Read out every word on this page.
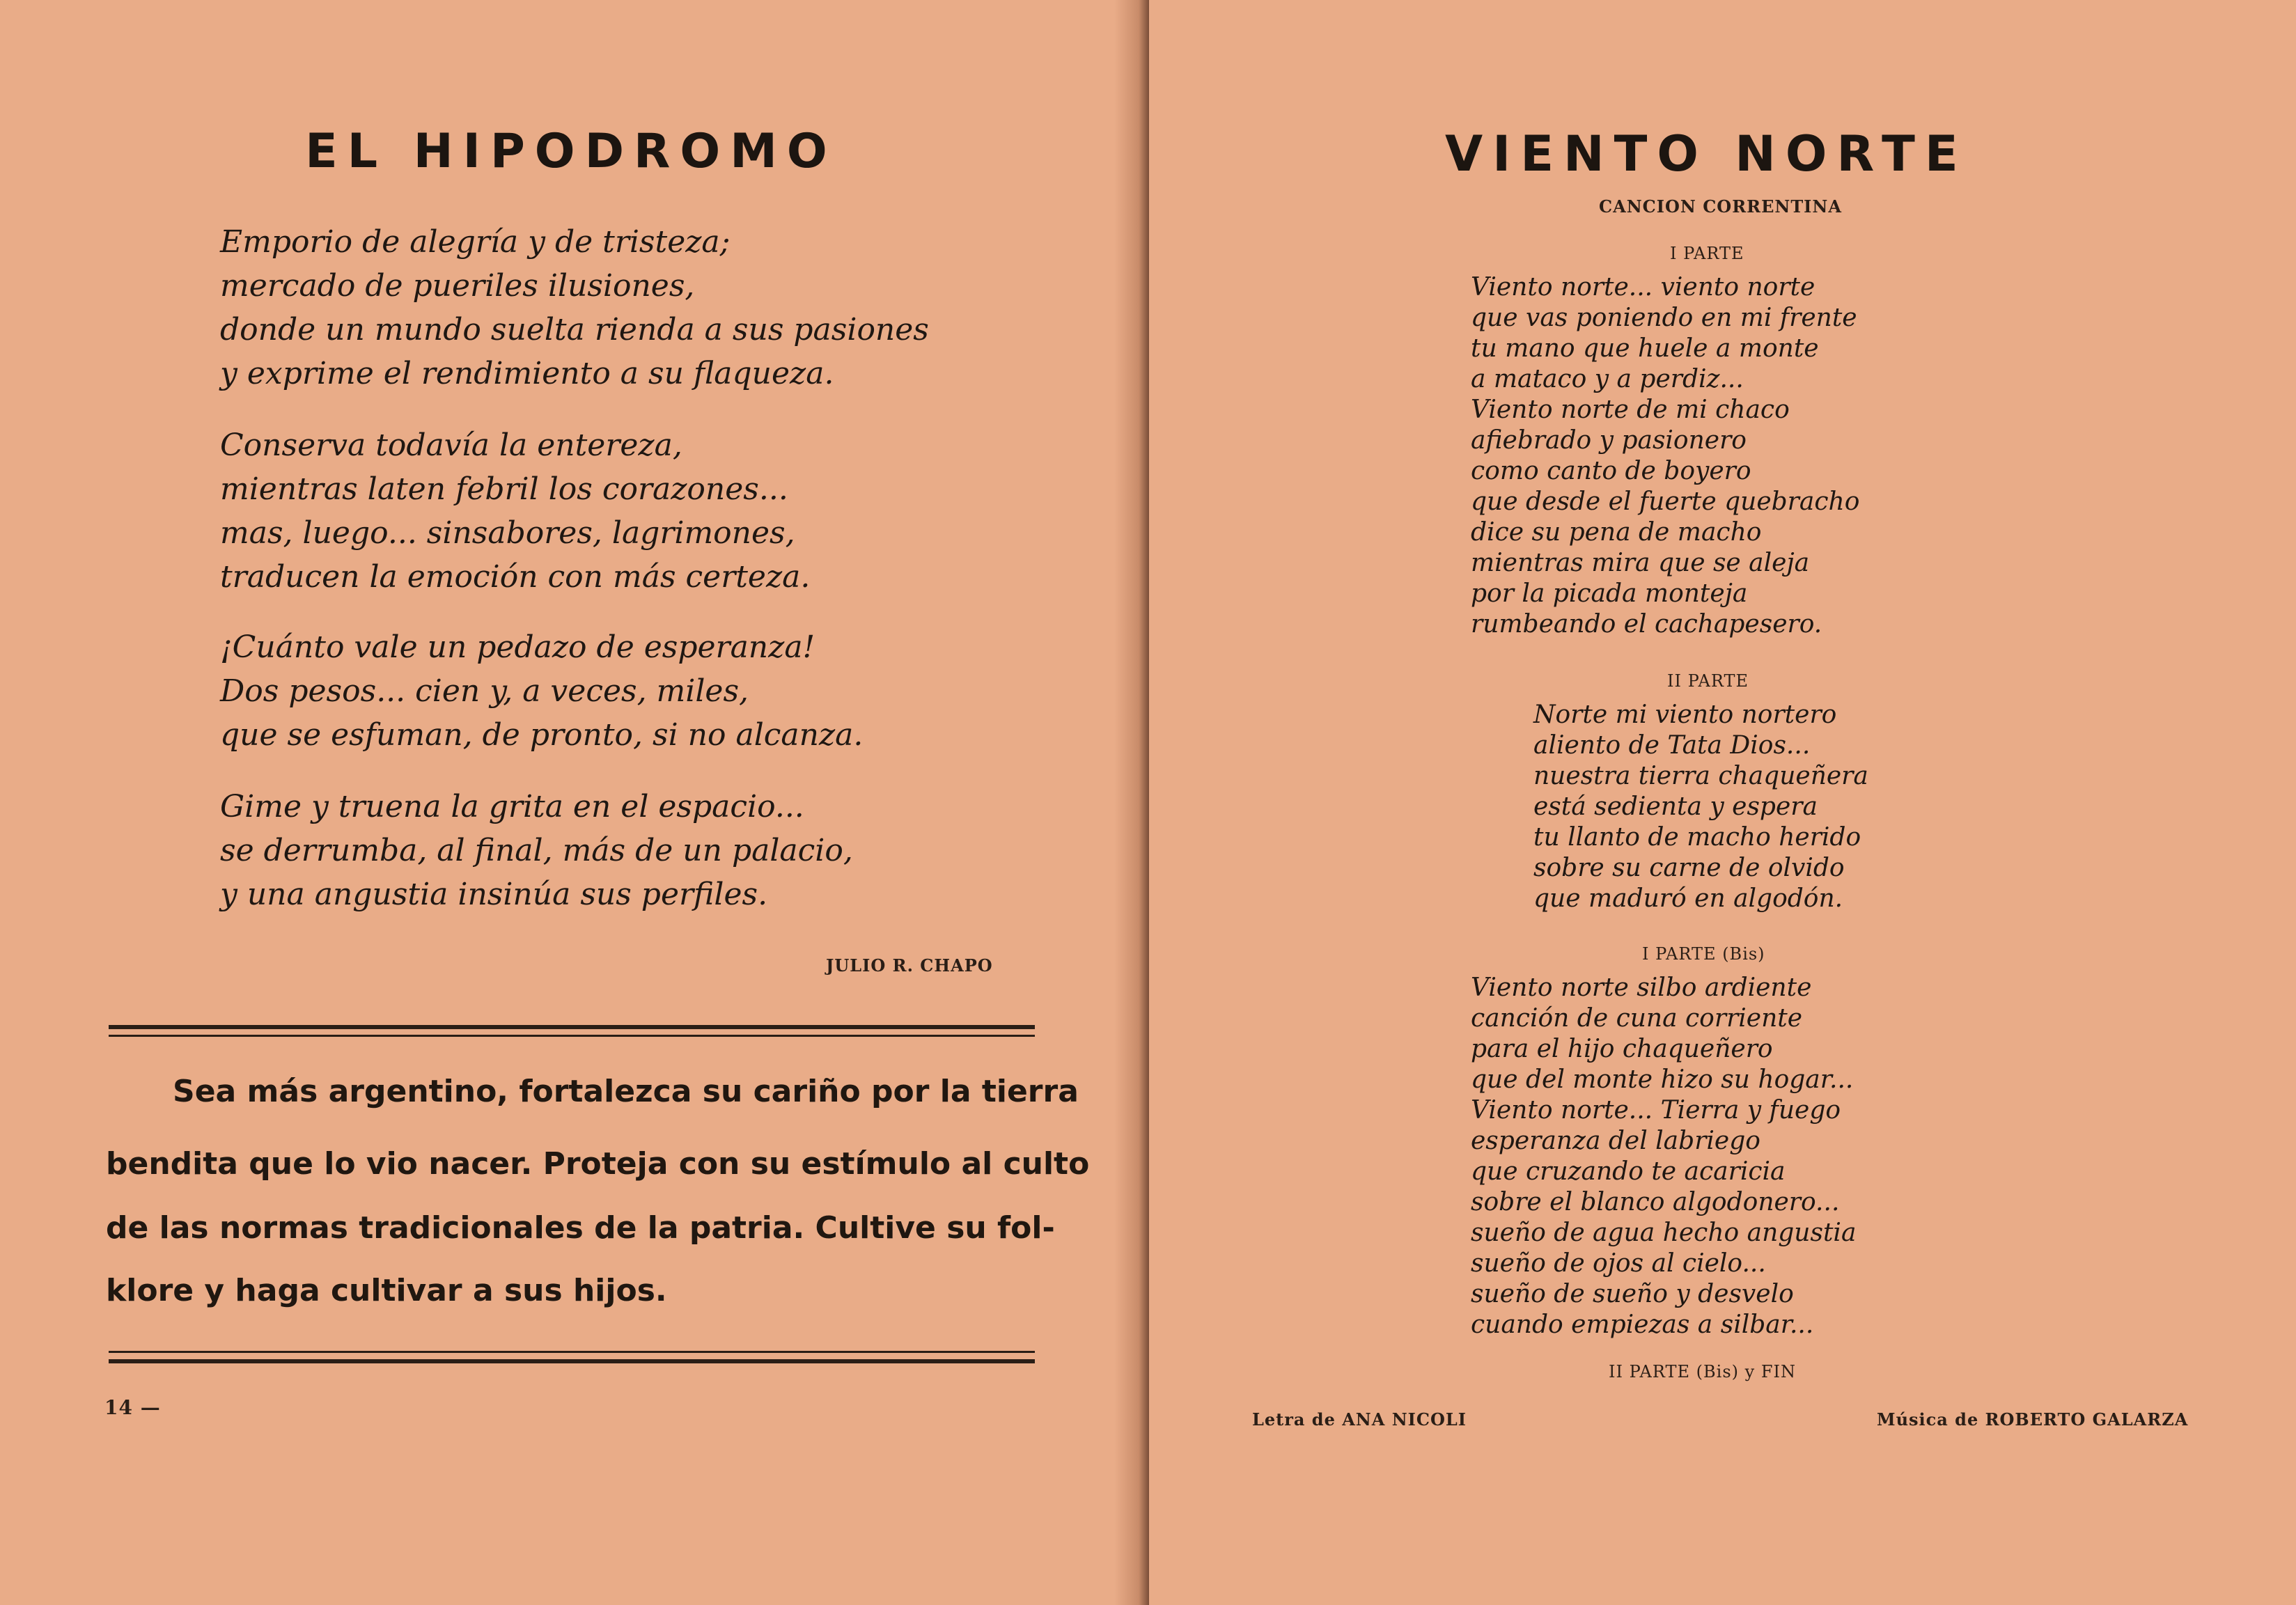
EL HIPODROMO
Emporio de alegría y de tristeza;
mercado de pueriles ilusiones,
donde un mundo suelta rienda a sus pasiones
y exprime el rendimiento a su flaqueza.
Conserva todavía la entereza,
mientras laten febril los corazones...
mas, luego... sinsabores, lagrimones,
traducen la emoción con más certeza.
¡Cuánto vale un pedazo de esperanza!
Dos pesos... cien y, a veces, miles,
que se esfuman, de pronto, si no alcanza.
Gime y truena la grita en el espacio...
se derrumba, al final, más de un palacio,
y una angustia insinúa sus perfiles.
JULIO R. CHAPO
Sea más argentino, fortalezca su cariño por la tierra
bendita que lo vio nacer. Proteja con su estímulo al culto
de las normas tradicionales de la patria. Cultive su fol-
klore y haga cultivar a sus hijos.
14 —
VIENTO NORTE
CANCION CORRENTINA
I PARTE
Viento norte... viento norte
que vas poniendo en mi frente
tu mano que huele a monte
a mataco y a perdiz...
Viento norte de mi chaco
afiebrado y pasionero
como canto de boyero
que desde el fuerte quebracho
dice su pena de macho
mientras mira que se aleja
por la picada monteja
rumbeando el cachapesero.
II PARTE
Norte mi viento nortero
aliento de Tata Dios...
nuestra tierra chaqueñera
está sedienta y espera
tu llanto de macho herido
sobre su carne de olvido
que maduró en algodón.
I PARTE (Bis)
Viento norte silbo ardiente
canción de cuna corriente
para el hijo chaqueñero
que del monte hizo su hogar...
Viento norte... Tierra y fuego
esperanza del labriego
que cruzando te acaricia
sobre el blanco algodonero...
sueño de agua hecho angustia
sueño de ojos al cielo...
sueño de sueño y desvelo
cuando empiezas a silbar...
II PARTE (Bis) y FIN
Letra de ANA NICOLI	Música de ROBERTO GALARZA
